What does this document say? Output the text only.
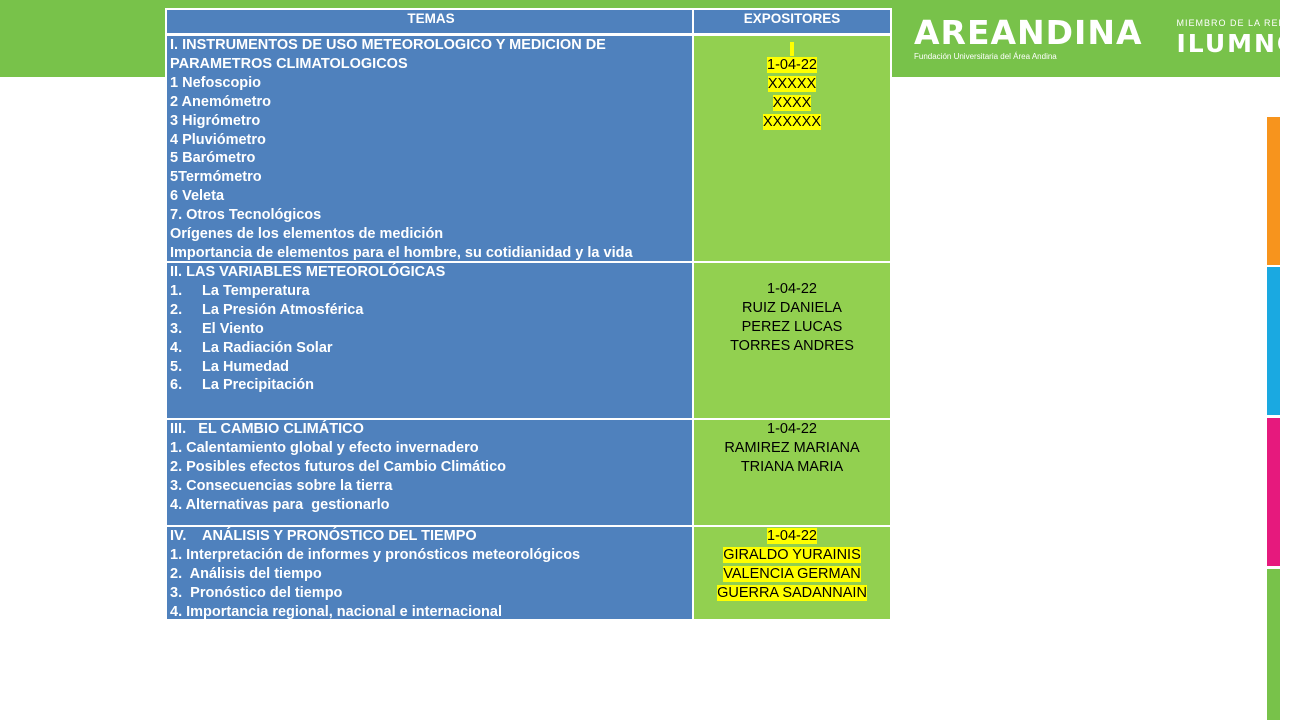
AREANDINA
Fundación Universitaria del Área Andina
MIEMBRO DE LA RED
ILUMNO
TEMAS	EXPOSITORES
I. INSTRUMENTOS DE USO METEOROLOGICO Y MEDICION DE
PARAMETROS CLIMATOLOGICOS
1 Nefoscopio
2 Anemómetro
3 Higrómetro
4 Pluviómetro
5 Barómetro
5Termómetro
6 Veleta
7. Otros Tecnológicos
Orígenes de los elementos de medición
Importancia de elementos para el hombre, su cotidianidad y la vida
1-04-22
XXXXX
XXXX
XXXXXX
II. LAS VARIABLES METEOROLÓGICAS
1. La Temperatura
2. La Presión Atmosférica
3. El Viento
4. La Radiación Solar
5. La Humedad
6. La Precipitación
1-04-22
RUIZ DANIELA
PEREZ LUCAS
TORRES ANDRES
III.   EL CAMBIO CLIMÁTICO
1. Calentamiento global y efecto invernadero
2. Posibles efectos futuros del Cambio Climático
3. Consecuencias sobre la tierra
4. Alternativas para  gestionarlo
1-04-22
RAMIREZ MARIANA
TRIANA MARIA
IV.    ANÁLISIS Y PRONÓSTICO DEL TIEMPO
1. Interpretación de informes y pronósticos meteorológicos
2.  Análisis del tiempo
3.  Pronóstico del tiempo
4. Importancia regional, nacional e internacional
1-04-22
GIRALDO YURAINIS
VALENCIA GERMAN
GUERRA SADANNAIN
